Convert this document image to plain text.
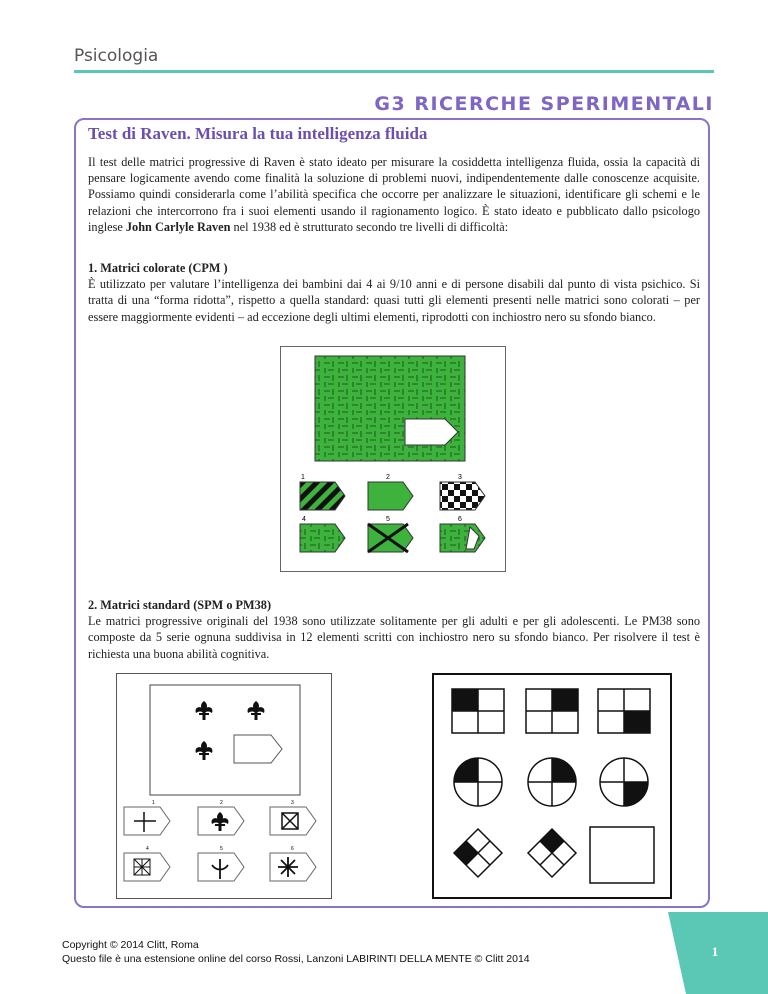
Psicologia
G3 RICERCHE SPERIMENTALI
Test di Raven. Misura la tua intelligenza fluida
Il test delle matrici progressive di Raven è stato ideato per misurare la cosiddetta intelligenza fluida, ossia la capacità di pensare logicamente avendo come finalità la soluzione di problemi nuovi, indipendentemente dalle conoscenze acquisite. Possiamo quindi considerarla come l’abilità specifica che occorre per analizzare le situazioni, identificare gli schemi e le relazioni che intercorrono fra i suoi elementi usando il ragionamento logico. È stato ideato e pubblicato dallo psicologo inglese John Carlyle Raven nel 1938 ed è strutturato secondo tre livelli di difficoltà:
1. Matrici colorate (CPM )
È utilizzato per valutare l’intelligenza dei bambini dai 4 ai 9/10 anni e di persone disabili dal punto di vista psichico. Si tratta di una “forma ridotta”, rispetto a quella standard: quasi tutti gli elementi presenti nelle matrici sono colorati – per essere maggiormente evidenti – ad eccezione degli ultimi elementi, riprodotti con inchiostro nero su sfondo bianco.
1	2	3
4	5	6
2. Matrici standard (SPM o PM38)
Le matrici progressive originali del 1938 sono utilizzate solitamente per gli adulti e per gli adolescenti. Le PM38 sono composte da 5 serie ognuna suddivisa in 12 elementi scritti con inchiostro nero su sfondo bianco. Per risolvere il test è richiesta una buona abilità cognitiva.
1	2	3
4	5	6
Copyright © 2014 Clitt, Roma
Questo file è una estensione online del corso Rossi, Lanzoni LABIRINTI DELLA MENTE © Clitt 2014	1
